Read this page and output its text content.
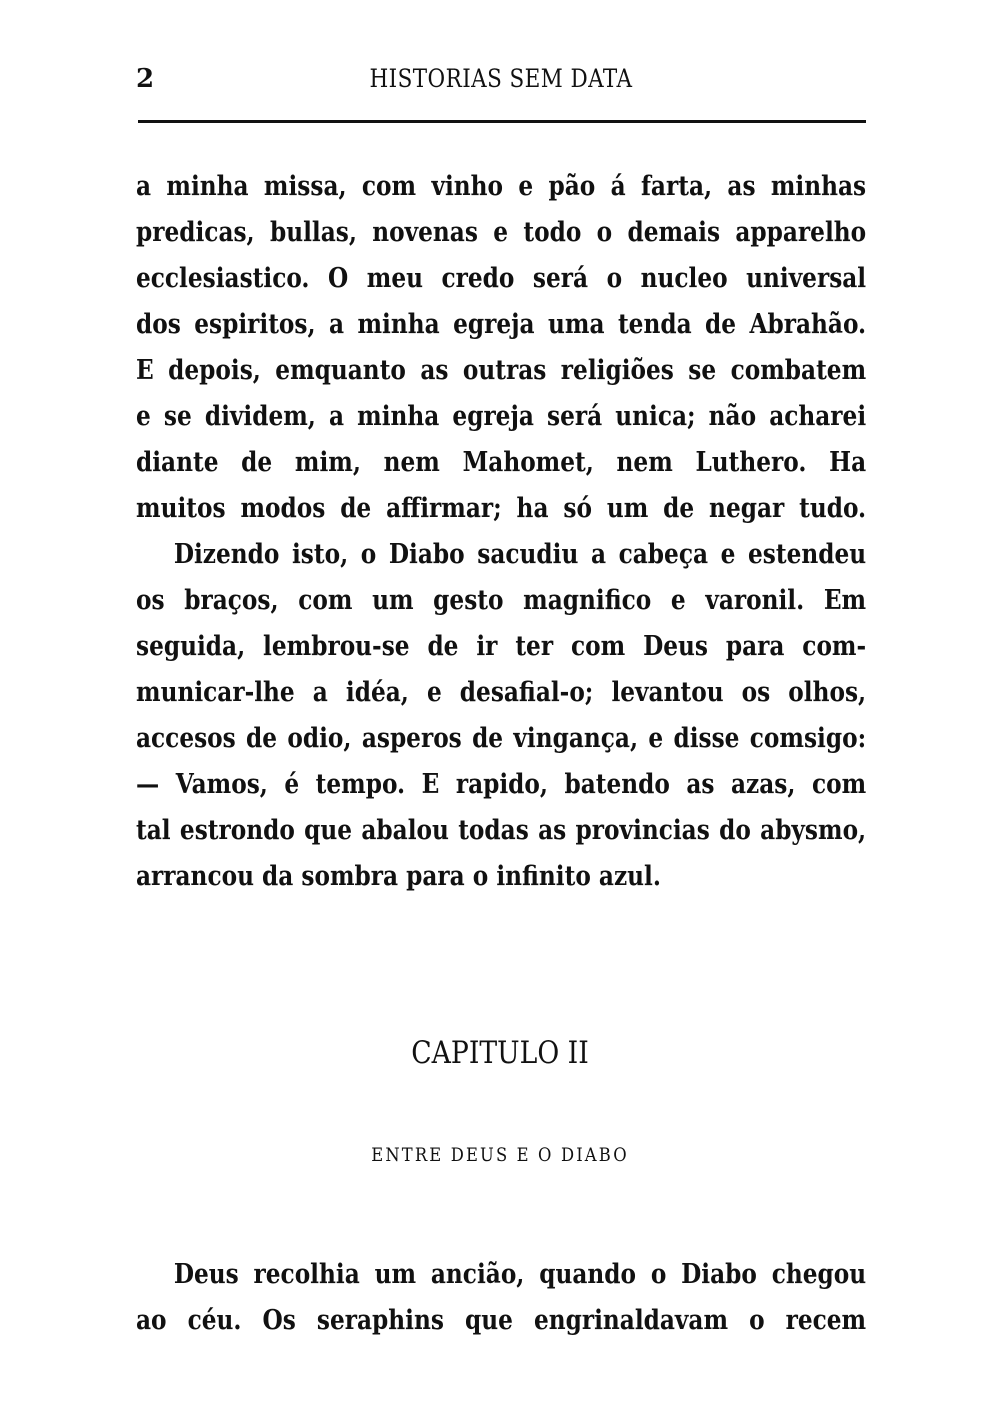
2	HISTORIAS SEM DATA
a minha missa, com vinho e pão á farta, as minhas
predicas, bullas, novenas e todo o demais apparelho
ecclesiastico. O meu credo será o nucleo universal
dos espiritos, a minha egreja uma tenda de Abrahão.
E depois, emquanto as outras religiões se combatem
e se dividem, a minha egreja será unica; não acharei
diante de mim, nem Mahomet, nem Luthero. Ha
muitos modos de affirmar; ha só um de negar tudo.
Dizendo isto, o Diabo sacudiu a cabeça e estendeu
os braços, com um gesto magnifico e varonil. Em
seguida, lembrou-se de ir ter com Deus para com-
municar-lhe a idéa, e desafial-o; levantou os olhos,
accesos de odio, asperos de vingança, e disse comsigo:
— Vamos, é tempo. E rapido, batendo as azas, com
tal estrondo que abalou todas as provincias do abysmo,
arrancou da sombra para o infinito azul.
CAPITULO II
ENTRE DEUS E O DIABO
Deus recolhia um ancião, quando o Diabo chegou
ao céu. Os seraphins que engrinaldavam o recem
